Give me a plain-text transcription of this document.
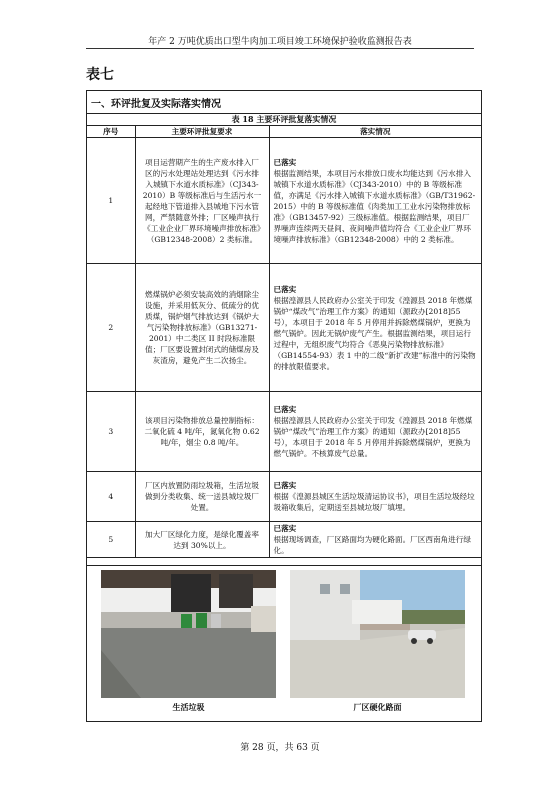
年产 2 万吨优质出口型牛肉加工项目竣工环境保护验收监测报告表
表七
一、环评批复及实际落实情况
表 18 主要环评批复落实情况
序号	主要环评批复要求	落实情况
1	项目运营期产生的生产废水排入厂区的污水处理站处理达到《污水排入城镇下水道水质标准》（CJ343-2010）B 等级标准后与生活污水一起经地下管道排入县城地下污水管网，严禁随意外排；厂区噪声执行《工业企业厂界环境噪声排放标准》（GB12348-2008）2 类标准。	已落实
根据监测结果，本项目污水排放口废水均能达到《污水排入城镇下水道水质标准》（CJ343-2010）中的 B 等级标准值，亦满足《污水排入城镇下水道水质标准》（GB/T31962-2015）中的 B 等级标准值《肉类加工工业水污染物排放标准》（GB13457-92）三级标准值。根据监测结果，项目厂界噪声连续两天昼间、夜间噪声值均符合《工业企业厂界环境噪声排放标准》（GB12348-2008）中的 2 类标准。
2	燃煤锅炉必须安装高效的消烟除尘设施，并采用低灰分、低硫分的优质煤，锅炉烟气排放达到《锅炉大气污染物排放标准》（GB13271-2001）中二类区 II 时段标准限值；厂区要设置封闭式的储煤房及灰渣房，避免产生二次扬尘。	已落实
根据湟源县人民政府办公室关于印发《湟源县 2018 年燃煤锅炉“煤改气”治理工作方案》的通知（源政办[2018]55 号），本项目于 2018 年 5 月停用并拆除燃煤锅炉，更换为燃气锅炉。因此无锅炉废气产生。根据监测结果，项目运行过程中，无组织废气均符合《恶臭污染物排放标准》（GB14554-93）表 1 中的二级“新扩改建”标准中的污染物的排放限值要求。
3	该项目污染物排放总量控制指标：二氧化硫 4 吨/年，氮氧化物 0.62 吨/年，烟尘 0.8 吨/年。	已落实
根据湟源县人民政府办公室关于印发《湟源县 2018 年燃煤锅炉“煤改气”治理工作方案》的通知（源政办[2018]55 号），本项目于 2018 年 5 月停用并拆除燃煤锅炉，更换为燃气锅炉。不核算废气总量。
4	厂区内放置防雨垃圾箱，生活垃圾做到分类收集、统一送县城垃圾厂处置。	已落实
根据《湟源县城区生活垃圾清运协议书》，项目生活垃圾经垃圾箱收集后，定期送至县城垃圾厂填埋。
5	加大厂区绿化力度，是绿化覆盖率达到 30%以上。	已落实
根据现场调查，厂区路面均为硬化路面。厂区西南角进行绿化。
生活垃圾	厂区硬化路面
第 28 页，共 63 页
